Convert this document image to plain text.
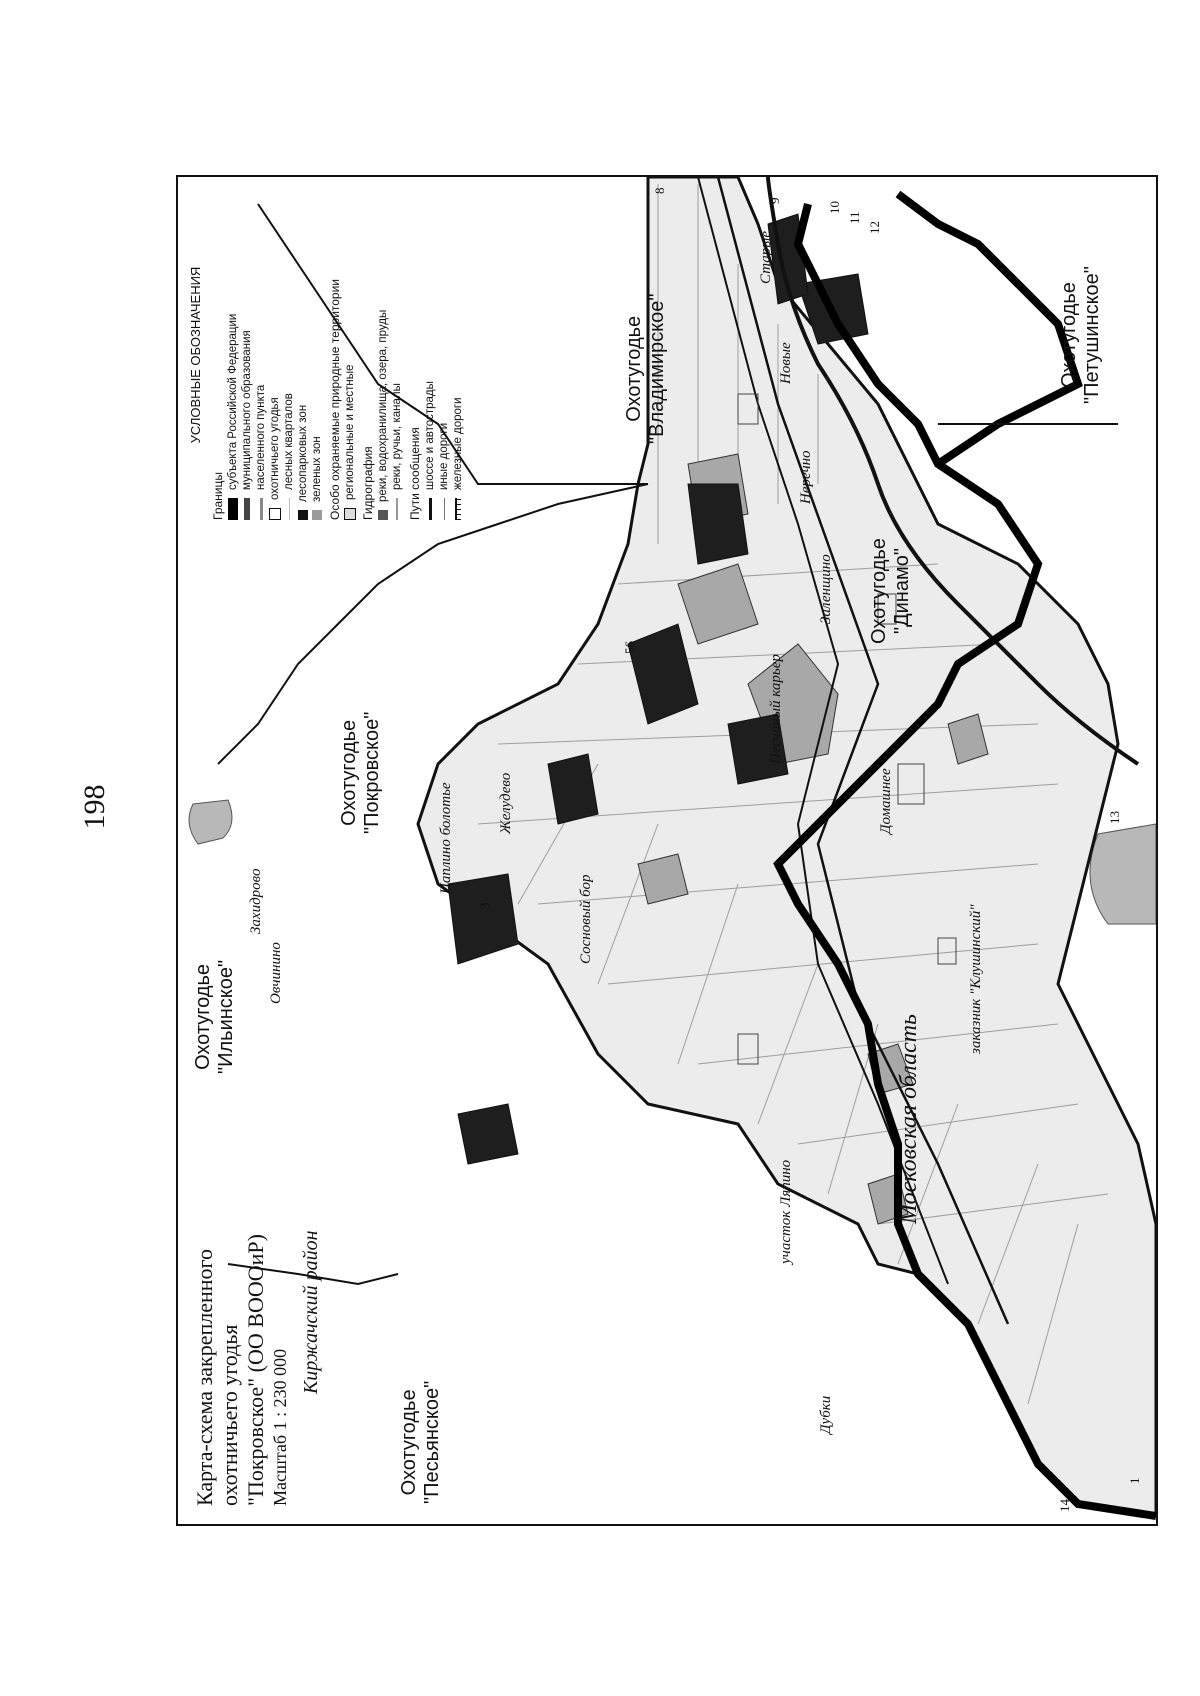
198
Карта-схема закрепленного охотничьего угодья "Покровское" (ОО ВОООиР) Масштаб 1 : 230 000
Киржачский район
Московская область
Охотугодье "Песьянское"
Охотугодье "Ильинское"
Охотугодье "Покровское"
Охотугодье "Владимирское"
Охотугодье "Динамо"
Охотугодье "Петушинское"
Захидрово
Овчинино
Цаплино болотье	Желудево
Сосновый бор
участок Ляпино
Дубки
Старые
Новые
Заленщино
Песчаный карьер
Неречно
заказник "Клушинский"
Домашнее
1
14
3
13
56
8
9
10
11
12
УСЛОВНЫЕ ОБОЗНАЧЕНИЯ
Границы
субъекта Российской Федерации муниципального образования населенного пункта охотничьего угодья лесных кварталов лесопарковых зон зеленых зон Особо охраняемые природные территории региональные и местные Гидрография реки, водохранилища, озера, пруды реки, ручьи, каналы Пути сообщения шоссе и автострады иные дороги железные дороги
